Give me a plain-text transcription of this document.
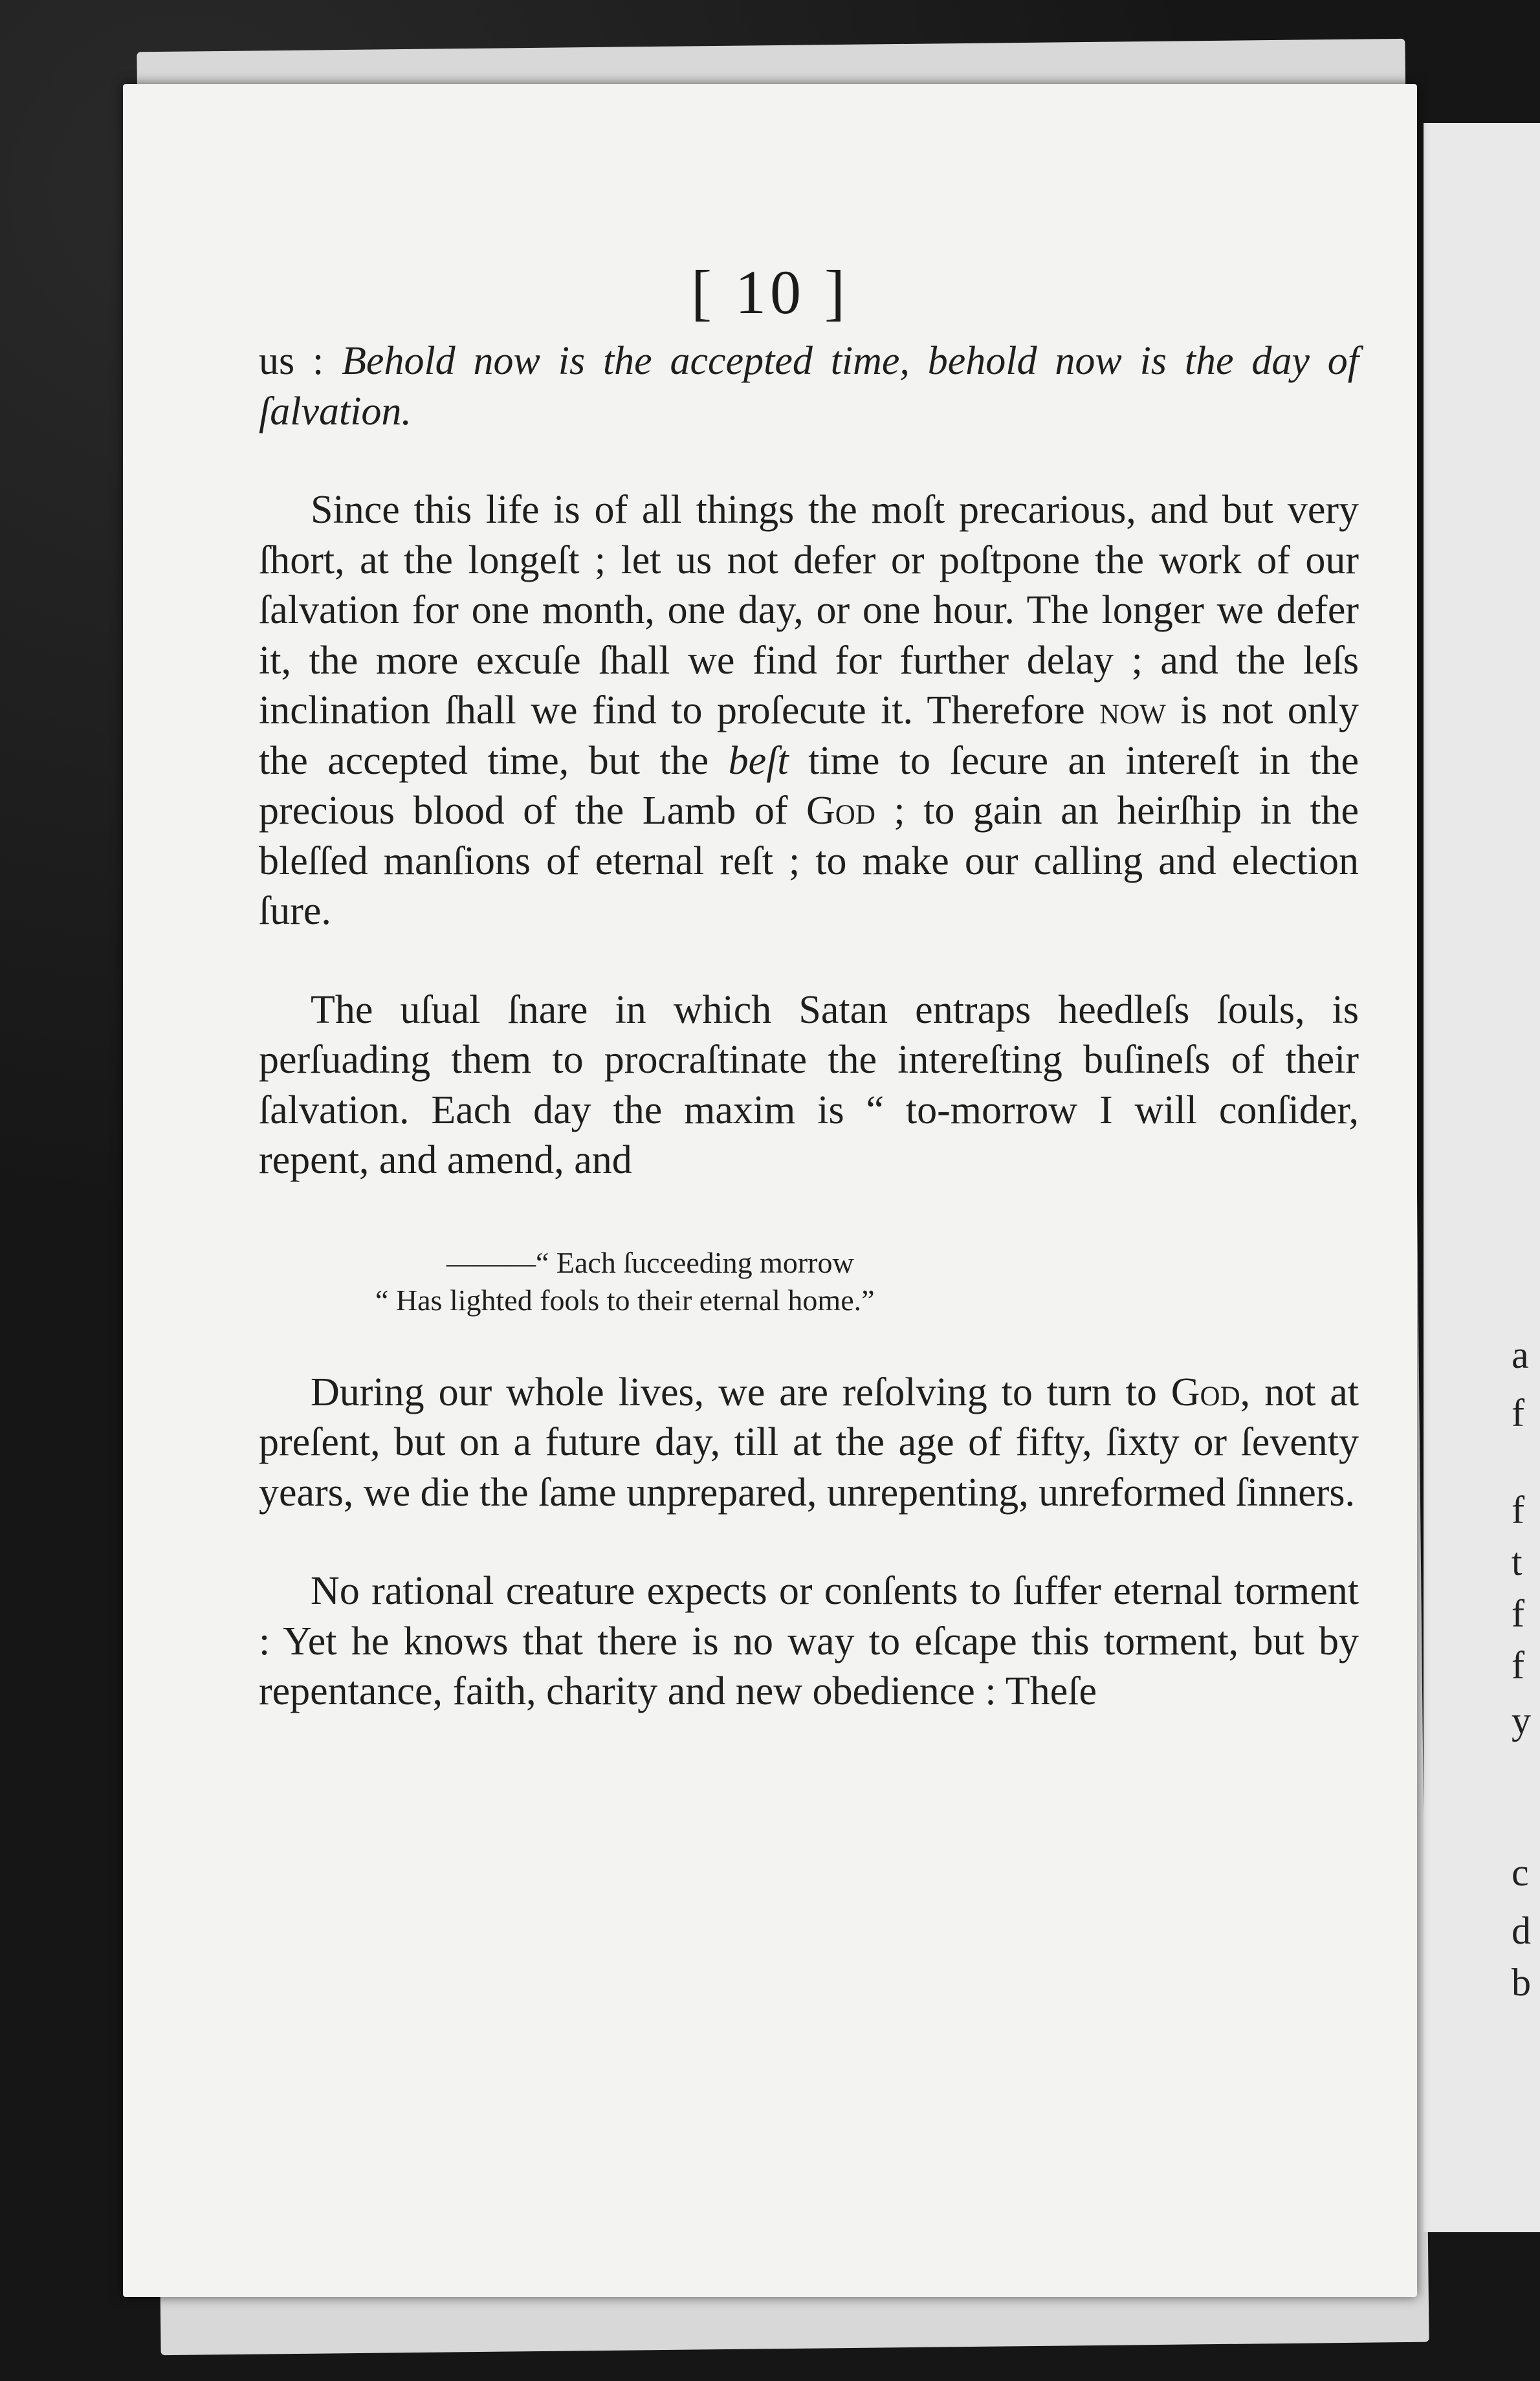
a
f
f
t
f
f
y
c
d
b
[ 10 ]

us : Behold now is the accepted time, behold now is the day of ſalvation.

Since this life is of all things the moſt precarious, and but very ſhort, at the longeſt ; let us not defer or poſtpone the work of our ſalvation for one month, one day, or one hour. The longer we defer it, the more excuſe ſhall we find for further delay ; and the leſs inclination ſhall we find to proſecute it. Therefore now is not only the accepted time, but the beſt time to ſecure an intereſt in the precious blood of the Lamb of God ; to gain an heirſhip in the bleſſed manſions of eternal reſt ; to make our calling and election ſure.

The uſual ſnare in which Satan entraps heedleſs ſouls, is perſuading them to procraſtinate the intereſting buſineſs of their ſalvation. Each day the maxim is “ to-morrow I will conſider, repent, and amend, and

———“ Each ſucceeding morrow
“ Has lighted fools to their eternal home.”

During our whole lives, we are reſolving to turn to God, not at preſent, but on a future day, till at the age of fifty, ſixty or ſeventy years, we die the ſame unprepared, unrepenting, unreformed ſinners.

No rational creature expects or conſents to ſuffer eternal torment : Yet he knows that there is no way to eſcape this torment, but by repentance, faith, charity and new obedience : Theſe
